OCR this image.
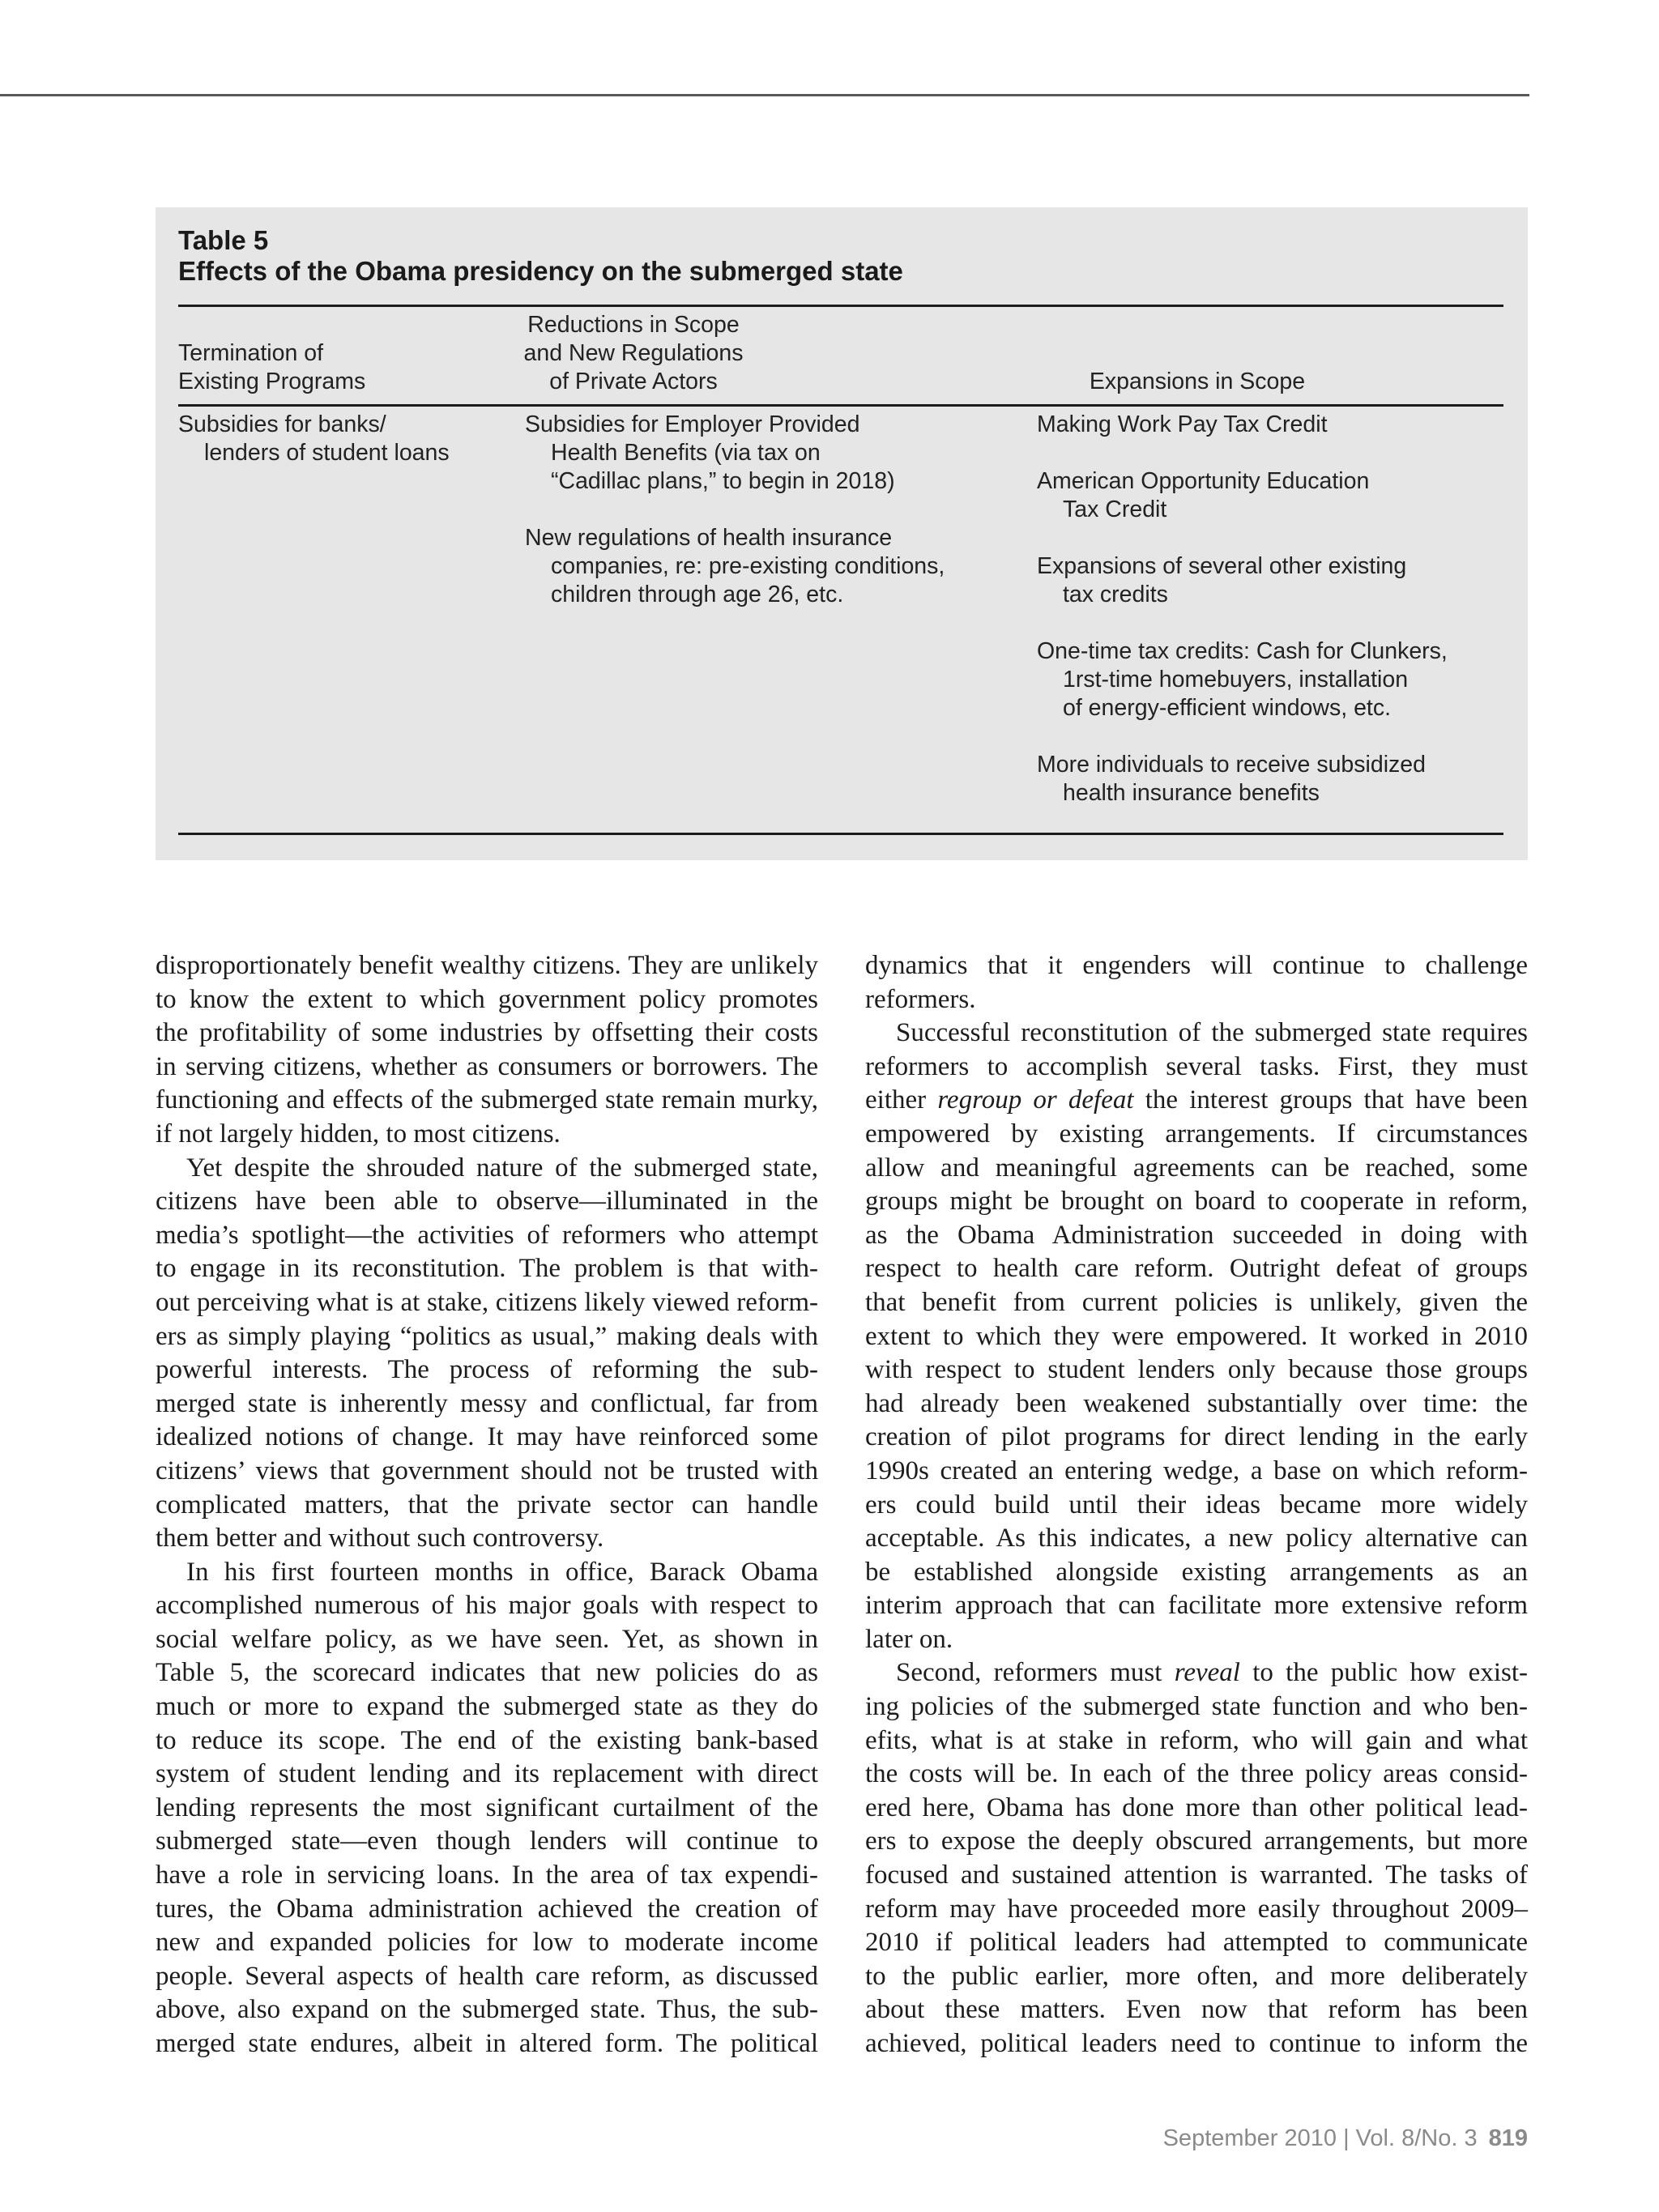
Table 5
Effects of the Obama presidency on the submerged state
Termination of
Existing Programs
Reductions in Scope
and New Regulations
of Private Actors	Expansions in Scope
Subsidies for banks/
lenders of student loans
Subsidies for Employer Provided
Health Benefits (via tax on
“Cadillac plans,” to begin in 2018)
New regulations of health insurance
companies, re: pre-existing conditions,
children through age 26, etc.
Making Work Pay Tax Credit
American Opportunity Education
Tax Credit
Expansions of several other existing
tax credits
One-time tax credits: Cash for Clunkers,
1rst-time homebuyers, installation
of energy-efficient windows, etc.
More individuals to receive subsidized
health insurance benefits
disproportionately benefit wealthy citizens. They are unlikely
to know the extent to which government policy promotes
the profitability of some industries by offsetting their costs
in serving citizens, whether as consumers or borrowers. The
functioning and effects of the submerged state remain murky,
if not largely hidden, to most citizens.
Yet despite the shrouded nature of the submerged state,
citizens have been able to observe—illuminated in the
media’s spotlight—the activities of reformers who attempt
to engage in its reconstitution. The problem is that with-
out perceiving what is at stake, citizens likely viewed reform-
ers as simply playing “politics as usual,” making deals with
powerful interests. The process of reforming the sub-
merged state is inherently messy and conflictual, far from
idealized notions of change. It may have reinforced some
citizens’ views that government should not be trusted with
complicated matters, that the private sector can handle
them better and without such controversy.
In his first fourteen months in office, Barack Obama
accomplished numerous of his major goals with respect to
social welfare policy, as we have seen. Yet, as shown in
Table 5, the scorecard indicates that new policies do as
much or more to expand the submerged state as they do
to reduce its scope. The end of the existing bank-based
system of student lending and its replacement with direct
lending represents the most significant curtailment of the
submerged state—even though lenders will continue to
have a role in servicing loans. In the area of tax expendi-
tures, the Obama administration achieved the creation of
new and expanded policies for low to moderate income
people. Several aspects of health care reform, as discussed
above, also expand on the submerged state. Thus, the sub-
merged state endures, albeit in altered form. The political
dynamics that it engenders will continue to challenge
reformers.
Successful reconstitution of the submerged state requires
reformers to accomplish several tasks. First, they must
either regroup or defeat the interest groups that have been
empowered by existing arrangements. If circumstances
allow and meaningful agreements can be reached, some
groups might be brought on board to cooperate in reform,
as the Obama Administration succeeded in doing with
respect to health care reform. Outright defeat of groups
that benefit from current policies is unlikely, given the
extent to which they were empowered. It worked in 2010
with respect to student lenders only because those groups
had already been weakened substantially over time: the
creation of pilot programs for direct lending in the early
1990s created an entering wedge, a base on which reform-
ers could build until their ideas became more widely
acceptable. As this indicates, a new policy alternative can
be established alongside existing arrangements as an
interim approach that can facilitate more extensive reform
later on.
Second, reformers must reveal to the public how exist-
ing policies of the submerged state function and who ben-
efits, what is at stake in reform, who will gain and what
the costs will be. In each of the three policy areas consid-
ered here, Obama has done more than other political lead-
ers to expose the deeply obscured arrangements, but more
focused and sustained attention is warranted. The tasks of
reform may have proceeded more easily throughout 2009–
2010 if political leaders had attempted to communicate
to the public earlier, more often, and more deliberately
about these matters. Even now that reform has been
achieved, political leaders need to continue to inform the
September 2010 | Vol. 8/No. 3 819
